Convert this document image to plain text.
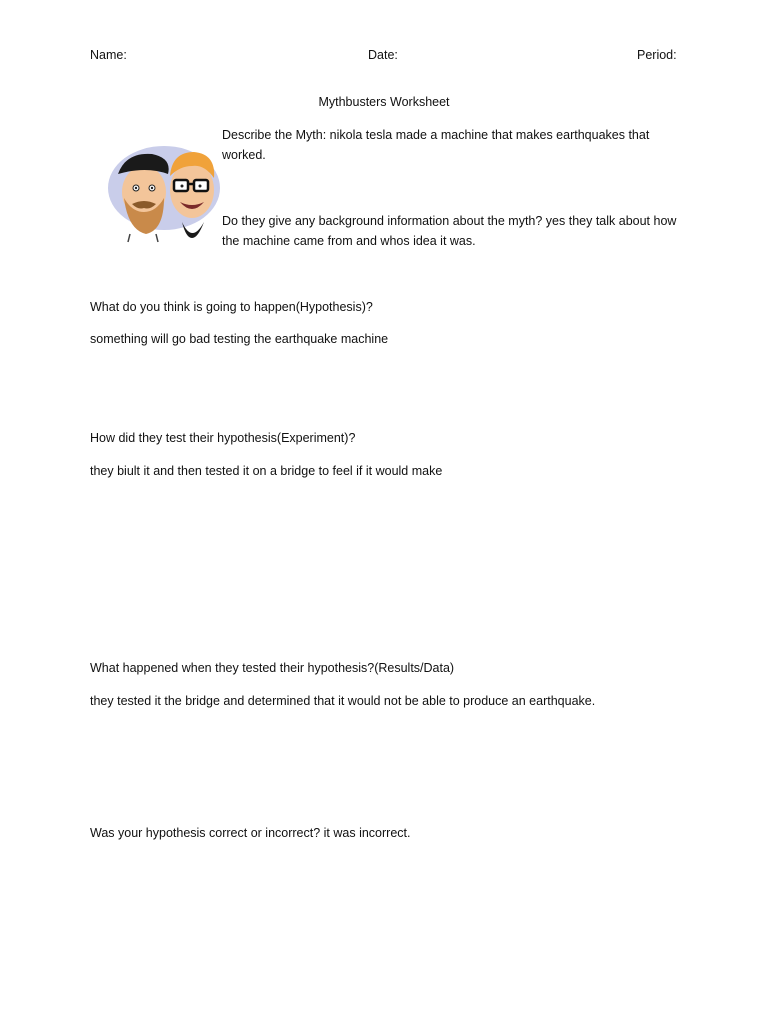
Name:	Date:	Period:
Mythbusters Worksheet
Describe the Myth: nikola tesla made a machine that makes earthquakes that worked.
Do they give any background information about the myth? yes they talk about how the machine came from and whos idea it was.
What do you think is going to happen(Hypothesis)?
something will go bad testing the earthquake machine
How did they test their hypothesis(Experiment)?
they biult it and then tested it on a bridge to feel if it would make
What happened when they tested their hypothesis?(Results/Data)
they tested it the bridge and determined that it would not be able to produce an earthquake.
Was your hypothesis correct or incorrect? it was incorrect.
